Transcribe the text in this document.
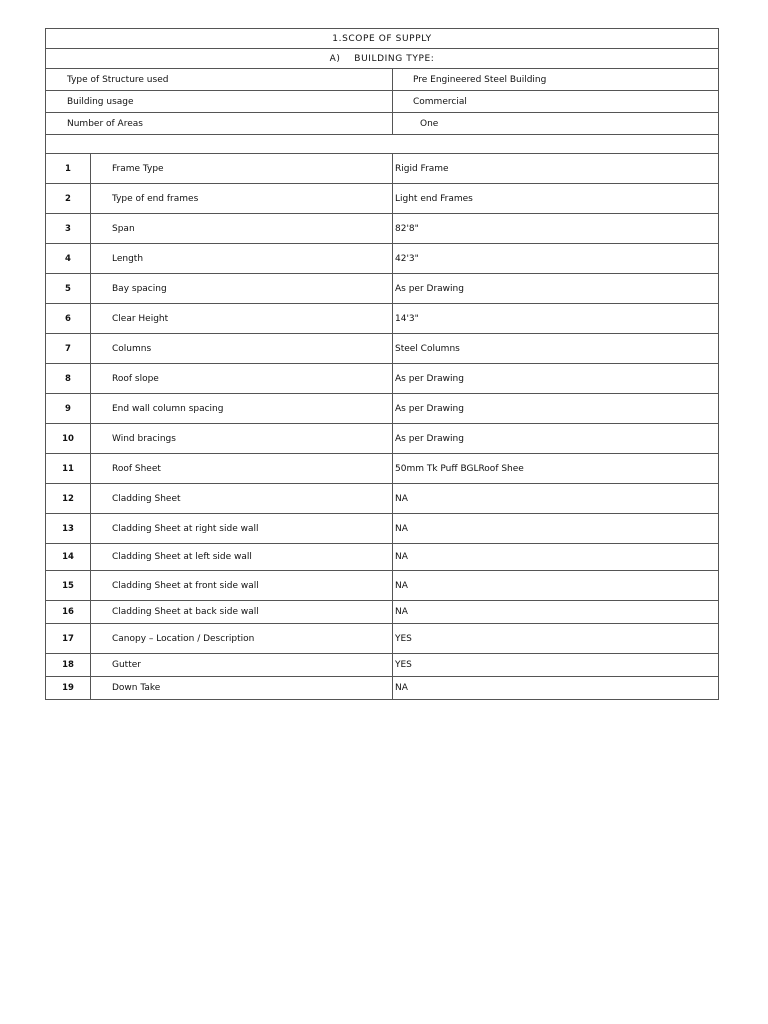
1.SCOPE OF SUPPLY		
A)    BUILDING TYPE:		
Type of Structure used		Pre Engineered Steel Building
Building usage		Commercial
Number of Areas		One

1	Frame Type	Rigid Frame
2	Type of end frames	Light end Frames
3	Span	82'8"
4	Length	42'3"
5	Bay spacing	As per Drawing
6	Clear Height	14'3"
7	Columns	Steel Columns
8	Roof slope	As per Drawing
9	End wall column spacing	As per Drawing
10	Wind bracings	As per Drawing
11	Roof Sheet	50mm Tk Puff BGLRoof Shee
12	Cladding Sheet	NA
13	Cladding Sheet at right side wall	NA
14	Cladding Sheet at left side wall	NA
15	Cladding Sheet at front side wall	NA
16	Cladding Sheet at back side wall	NA
17	Canopy – Location / Description	YES
18	Gutter	YES
19	Down Take	NA
